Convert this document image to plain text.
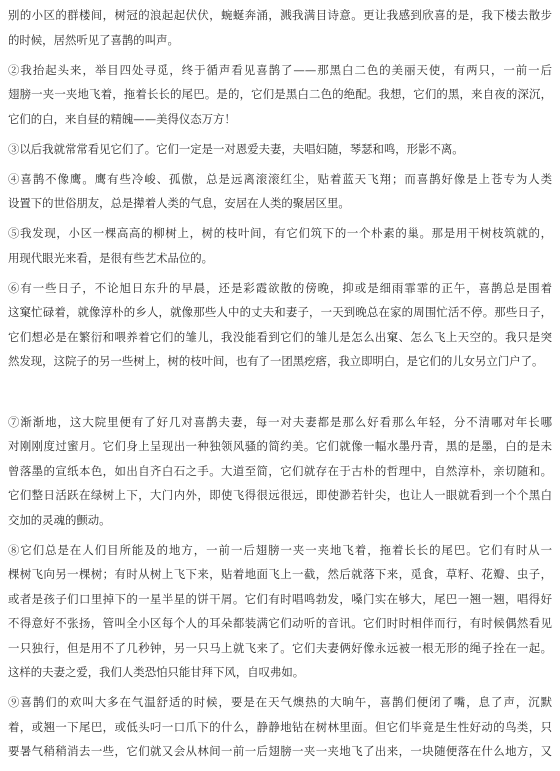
别的小区的群楼间，树冠的浪起起伏伏，蜿蜒奔涌，溅我满目诗意。更让我感到欣喜的是，我下楼去散步
的时候，居然听见了喜鹊的叫声。
②我抬起头来，举目四处寻觅，终于循声看见喜鹊了——那黑白二色的美丽天使，有两只，一前一后
翅膀一夹一夹地飞着，拖着长长的尾巴。是的，它们是黑白二色的绝配。我想，它们的黑，来自夜的深沉，
它们的白，来自昼的精魄——美得仪态万方！
③以后我就常常看见它们了。它们一定是一对恩爱夫妻，夫唱妇随，琴瑟和鸣，形影不离。
④喜鹊不像鹰。鹰有些冷峻、孤傲，总是远离滚滚红尘，贴着蓝天飞翔；而喜鹊好像是上苍专为人类
设置下的世俗朋友，总是撵着人类的气息，安居在人类的聚居区里。
⑤我发现，小区一棵高高的柳树上，树的枝叶间，有它们筑下的一个朴素的巢。那是用干树枝筑就的，
用现代眼光来看，是很有些艺术品位的。
⑥有一些日子，不论旭日东升的早晨，还是彩霞欲散的傍晚，抑或是细雨霏霏的正午，喜鹊总是围着
这窠忙碌着，就像淳朴的乡人，就像那些人中的丈夫和妻子，一天到晚总在家的周围忙活不停。那些日子，
它们想必是在繁衍和喂养着它们的雏儿，我没能看到它们的雏儿是怎么出窠、怎么飞上天空的。我只是突
然发现，这院子的另一些树上，树的枝叶间，也有了一团黑疙瘩，我立即明白，是它们的儿女另立门户了。
⑦渐渐地，这大院里便有了好几对喜鹊夫妻，每一对夫妻都是那么好看那么年轻，分不清哪对年长哪
对刚刚度过蜜月。它们身上呈现出一种独领风骚的简约美。它们就像一幅水墨丹青，黑的是墨，白的是未
曾落墨的宣纸本色，如出自齐白石之手。大道至简，它们就存在于古朴的哲理中，自然淳朴，亲切随和。
它们整日活跃在绿树上下，大门内外，即使飞得很远很远，即使渺若针尖，也让人一眼就看到一个个黑白
交加的灵魂的颤动。
⑧它们总是在人们目所能及的地方，一前一后翅膀一夹一夹地飞着，拖着长长的尾巴。它们有时从一
棵树飞向另一棵树；有时从树上飞下来，贴着地面飞上一截，然后就落下来，觅食，草籽、花瓣、虫子，
或者是孩子们口里掉下的一星半星的饼干屑。它们有时唱鸣勃发，嗓门实在够大，尾巴一翘一翘，唱得好
不得意好不张扬，管叫全小区每个人的耳朵都装满它们动听的音讯。它们时时相伴而行，有时候偶然看见
一只独行，但是用不了几秒钟，另一只马上就飞来了。它们夫妻俩好像永远被一根无形的绳子拴在一起。
这样的夫妻之爱，我们人类恐怕只能甘拜下风，自叹弗如。
⑨喜鹊们的欢叫大多在气温舒适的时候，要是在天气燠热的大晌午，喜鹊们便闭了嘴，息了声，沉默
着，或翘一下尾巴，或低头叼一口爪下的什么，静静地钻在树林里面。但它们毕竟是生性好动的鸟类，只
要暑气稍稍消去一些，它们就又会从林间一前一后翅膀一夹一夹地飞了出来，一块随便落在什么地方，又
